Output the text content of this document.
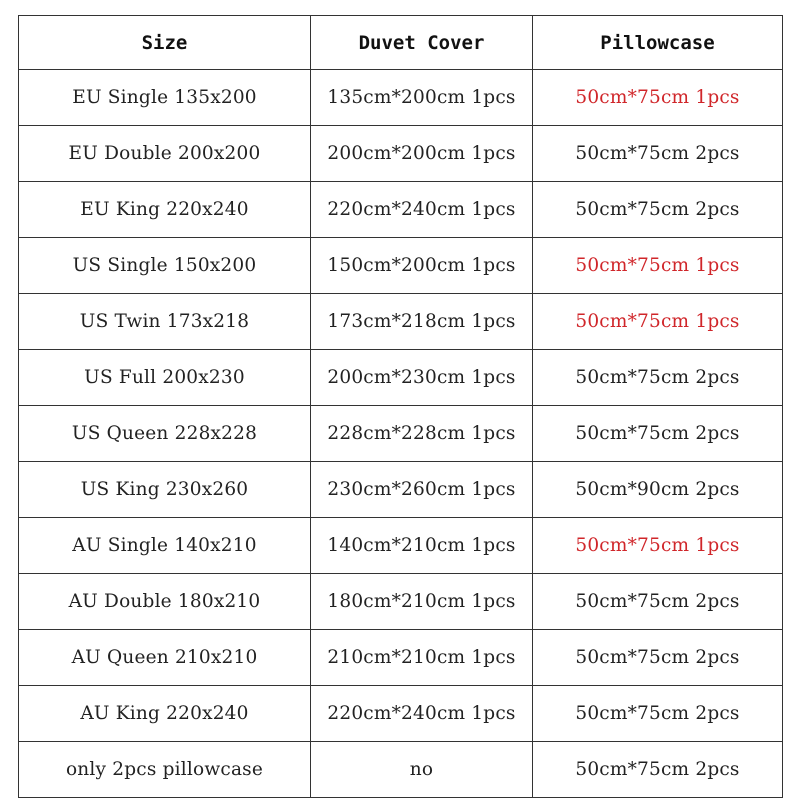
Size	Duvet Cover	Pillowcase
EU Single 135x200	135cm*200cm 1pcs	50cm*75cm 1pcs
EU Double 200x200	200cm*200cm 1pcs	50cm*75cm 2pcs
EU King 220x240	220cm*240cm 1pcs	50cm*75cm 2pcs
US Single 150x200	150cm*200cm 1pcs	50cm*75cm 1pcs
US Twin 173x218	173cm*218cm 1pcs	50cm*75cm 1pcs
US Full 200x230	200cm*230cm 1pcs	50cm*75cm 2pcs
US Queen 228x228	228cm*228cm 1pcs	50cm*75cm 2pcs
US King 230x260	230cm*260cm 1pcs	50cm*90cm 2pcs
AU Single 140x210	140cm*210cm 1pcs	50cm*75cm 1pcs
AU Double 180x210	180cm*210cm 1pcs	50cm*75cm 2pcs
AU Queen 210x210	210cm*210cm 1pcs	50cm*75cm 2pcs
AU King 220x240	220cm*240cm 1pcs	50cm*75cm 2pcs
only 2pcs pillowcase	no	50cm*75cm 2pcs
